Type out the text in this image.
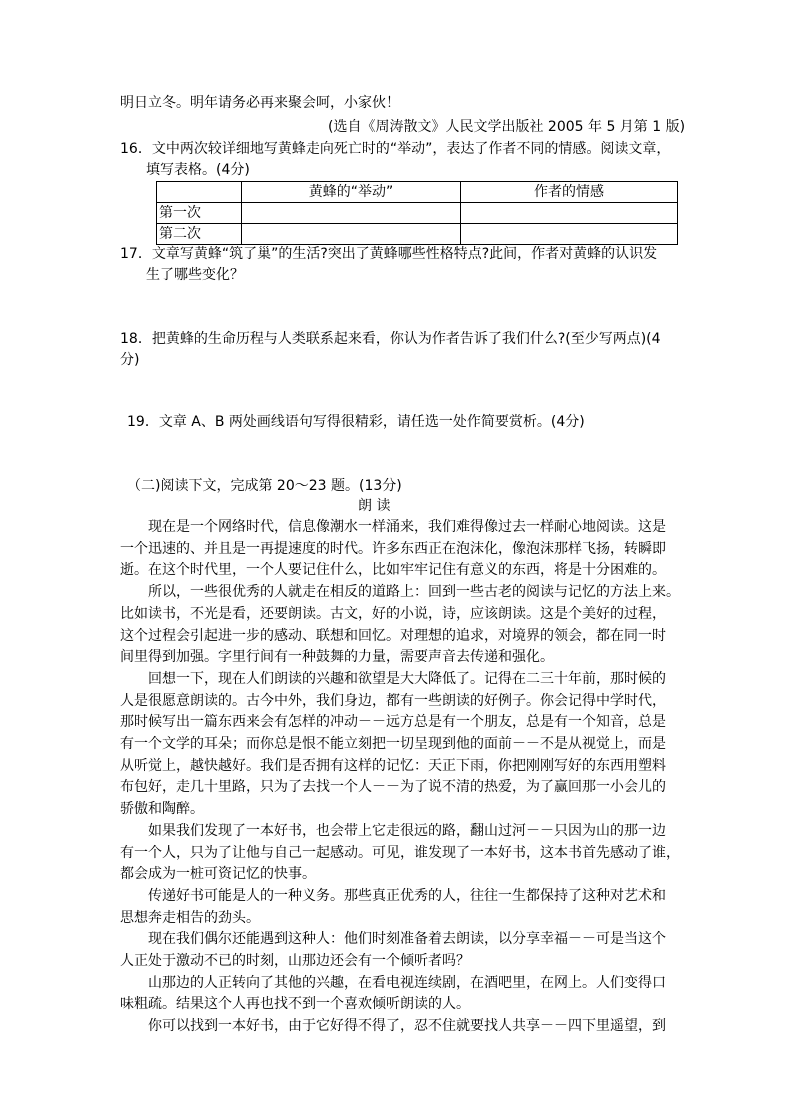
明日立冬。明年请务必再来聚会呵，小家伙！
(选自《周涛散文》人民文学出版社 2005 年 5 月第 1 版)
16．文中两次较详细地写黄蜂走向死亡时的“举动”，表达了作者不同的情感。阅读文章，
填写表格。(4分)
	黄蜂的“举动”	作者的情感
第一次		
第二次		
17．文章写黄蜂“筑了巢”的生活?突出了黄蜂哪些性格特点?此间，作者对黄蜂的认识发
生了哪些变化？
18．把黄蜂的生命历程与人类联系起来看，你认为作者告诉了我们什么?(至少写两点)(4
分)
19．文章 A、B 两处画线语句写得很精彩，请任选一处作简要赏析。(4分)
（二)阅读下文，完成第 20～23 题。(13分)
朗 读
　　现在是一个网络时代，信息像潮水一样涌来，我们难得像过去一样耐心地阅读。这是
一个迅速的、并且是一再提速度的时代。许多东西正在泡沫化，像泡沫那样飞扬，转瞬即
逝。在这个时代里，一个人要记住什么，比如牢牢记住有意义的东西，将是十分困难的。
　　所以，一些很优秀的人就走在相反的道路上：回到一些古老的阅读与记忆的方法上来。
比如读书，不光是看，还要朗读。古文，好的小说，诗，应该朗读。这是个美好的过程，
这个过程会引起进一步的感动、联想和回忆。对理想的追求，对境界的领会，都在同一时
间里得到加强。字里行间有一种鼓舞的力量，需要声音去传递和强化。
　　回想一下，现在人们朗读的兴趣和欲望是大大降低了。记得在二三十年前，那时候的
人是很愿意朗读的。古今中外，我们身边，都有一些朗读的好例子。你会记得中学时代，
那时候写出一篇东西来会有怎样的冲动－－远方总是有一个朋友，总是有一个知音，总是
有一个文学的耳朵；而你总是恨不能立刻把一切呈现到他的面前－－不是从视觉上，而是
从听觉上，越快越好。我们是否拥有这样的记忆：天正下雨，你把刚刚写好的东西用塑料
布包好，走几十里路，只为了去找一个人－－为了说不清的热爱，为了赢回那一小会儿的
骄傲和陶醉。
　　如果我们发现了一本好书，也会带上它走很远的路，翻山过河－－只因为山的那一边
有一个人，只为了让他与自己一起感动。可见，谁发现了一本好书，这本书首先感动了谁，
都会成为一桩可资记忆的快事。
　　传递好书可能是人的一种义务。那些真正优秀的人，往往一生都保持了这种对艺术和
思想奔走相告的劲头。
　　现在我们偶尔还能遇到这种人：他们时刻准备着去朗读，以分享幸福－－可是当这个
人正处于激动不已的时刻，山那边还会有一个倾听者吗？
　　山那边的人正转向了其他的兴趣，在看电视连续剧，在酒吧里，在网上。人们变得口
味粗疏。结果这个人再也找不到一个喜欢倾听朗读的人。
　　你可以找到一本好书，由于它好得不得了，忍不住就要找人共享－－四下里遥望，到
